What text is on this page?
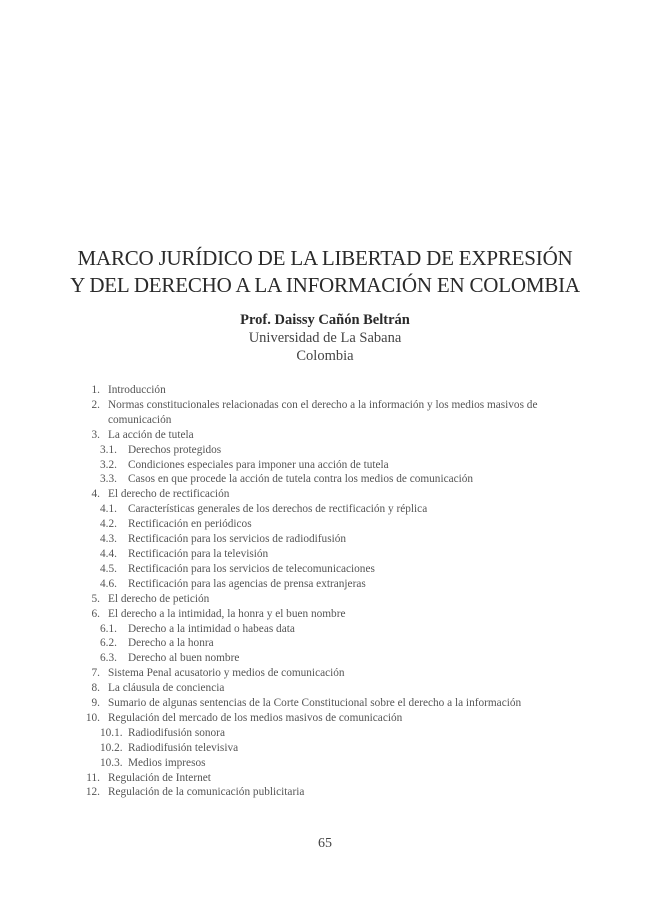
MARCO JURÍDICO DE LA LIBERTAD DE EXPRESIÓN
Y DEL DERECHO A LA INFORMACIÓN EN COLOMBIA
Prof. Daissy Cañón Beltrán
Universidad de La Sabana
Colombia
1. Introducción
2. Normas constitucionales relacionadas con el derecho a la información y los medios masivos de comunicación
3. La acción de tutela
3.1. Derechos protegidos
3.2. Condiciones especiales para imponer una acción de tutela
3.3. Casos en que procede la acción de tutela contra los medios de comunicación
4. El derecho de rectificación
4.1. Características generales de los derechos de rectificación y réplica
4.2. Rectificación en periódicos
4.3. Rectificación para los servicios de radiodifusión
4.4. Rectificación para la televisión
4.5. Rectificación para los servicios de telecomunicaciones
4.6. Rectificación para las agencias de prensa extranjeras
5. El derecho de petición
6. El derecho a la intimidad, la honra y el buen nombre
6.1. Derecho a la intimidad o habeas data
6.2. Derecho a la honra
6.3. Derecho al buen nombre
7. Sistema Penal acusatorio y medios de comunicación
8. La cláusula de conciencia
9. Sumario de algunas sentencias de la Corte Constitucional sobre el derecho a la información
10. Regulación del mercado de los medios masivos de comunicación
10.1. Radiodifusión sonora
10.2. Radiodifusión televisiva
10.3. Medios impresos
11. Regulación de Internet
12. Regulación de la comunicación publicitaria
65
